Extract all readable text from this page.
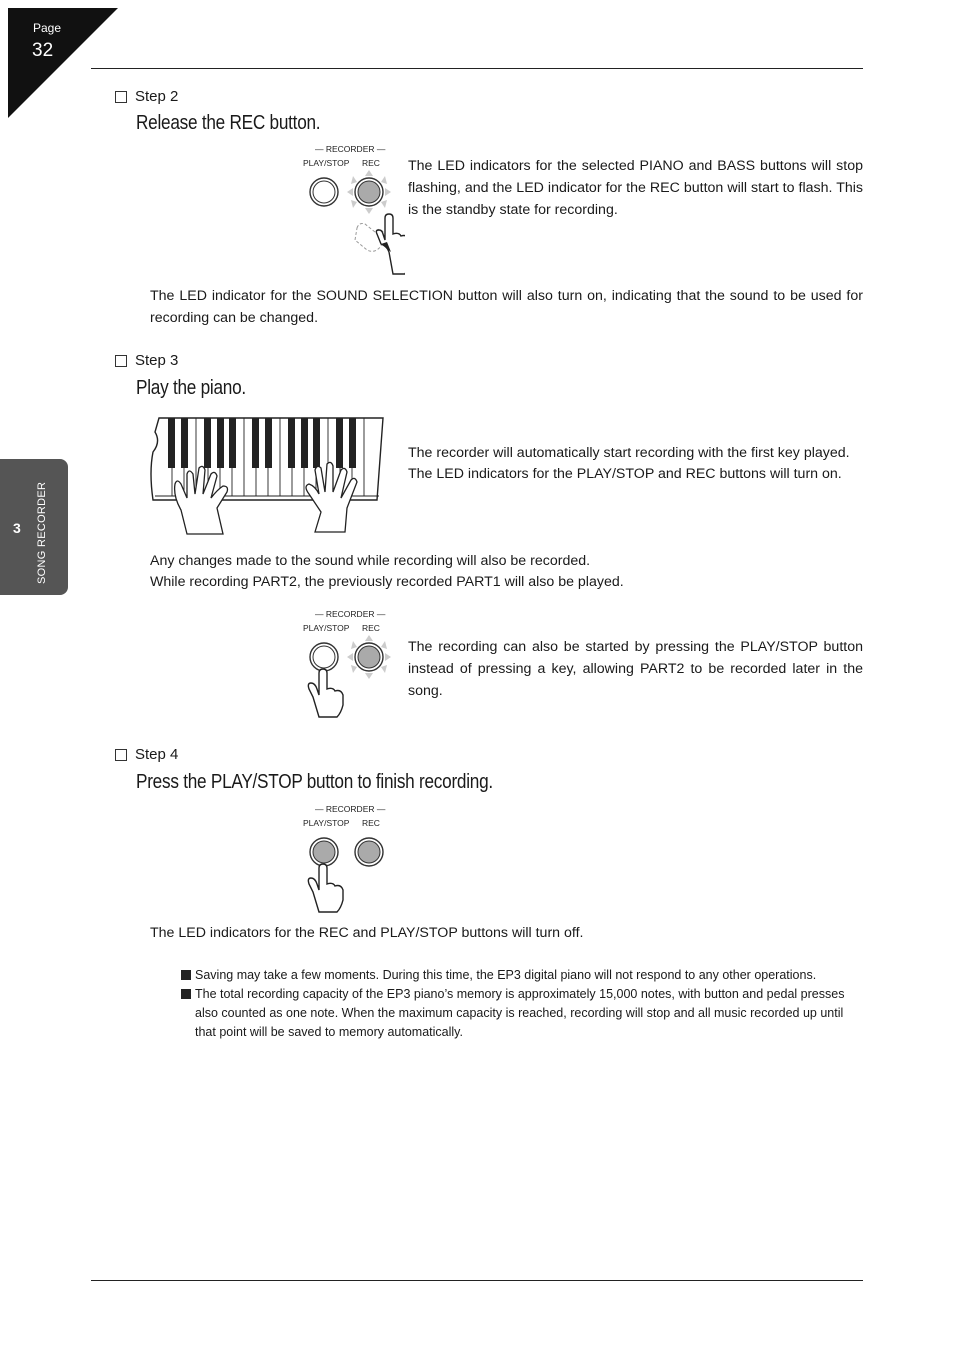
Page
32
3 SONG RECORDER
Step 2
Release the REC button.
— RECORDER —
PLAY/STOP REC The LED indicators for the selected PIANO and BASS buttons will stop flashing, and the LED indicator for the REC button will start to flash. This is the standby state for recording.
The LED indicator for the SOUND SELECTION button will also turn on, indicating that the sound to be used for recording can be changed.
Step 3
Play the piano.
The recorder will automatically start recording with the first key played.
The LED indicators for the PLAY/STOP and REC buttons will turn on.
Any changes made to the sound while recording will also be recorded.
While recording PART2, the previously recorded PART1 will also be played.
— RECORDER —
PLAY/STOP REC
The recording can also be started by pressing the PLAY/STOP button instead of pressing a key, allowing PART2 to be recorded later in the song.
Step 4
Press the PLAY/STOP button to finish recording.
— RECORDER —
PLAY/STOP REC
The LED indicators for the REC and PLAY/STOP buttons will turn off.
Saving may take a few moments. During this time, the EP3 digital piano will not respond to any other operations.
The total recording capacity of the EP3 piano’s memory is approximately 15,000 notes, with button and pedal presses also counted as one note. When the maximum capacity is reached, recording will stop and all music recorded up until that point will be saved to memory automatically.
